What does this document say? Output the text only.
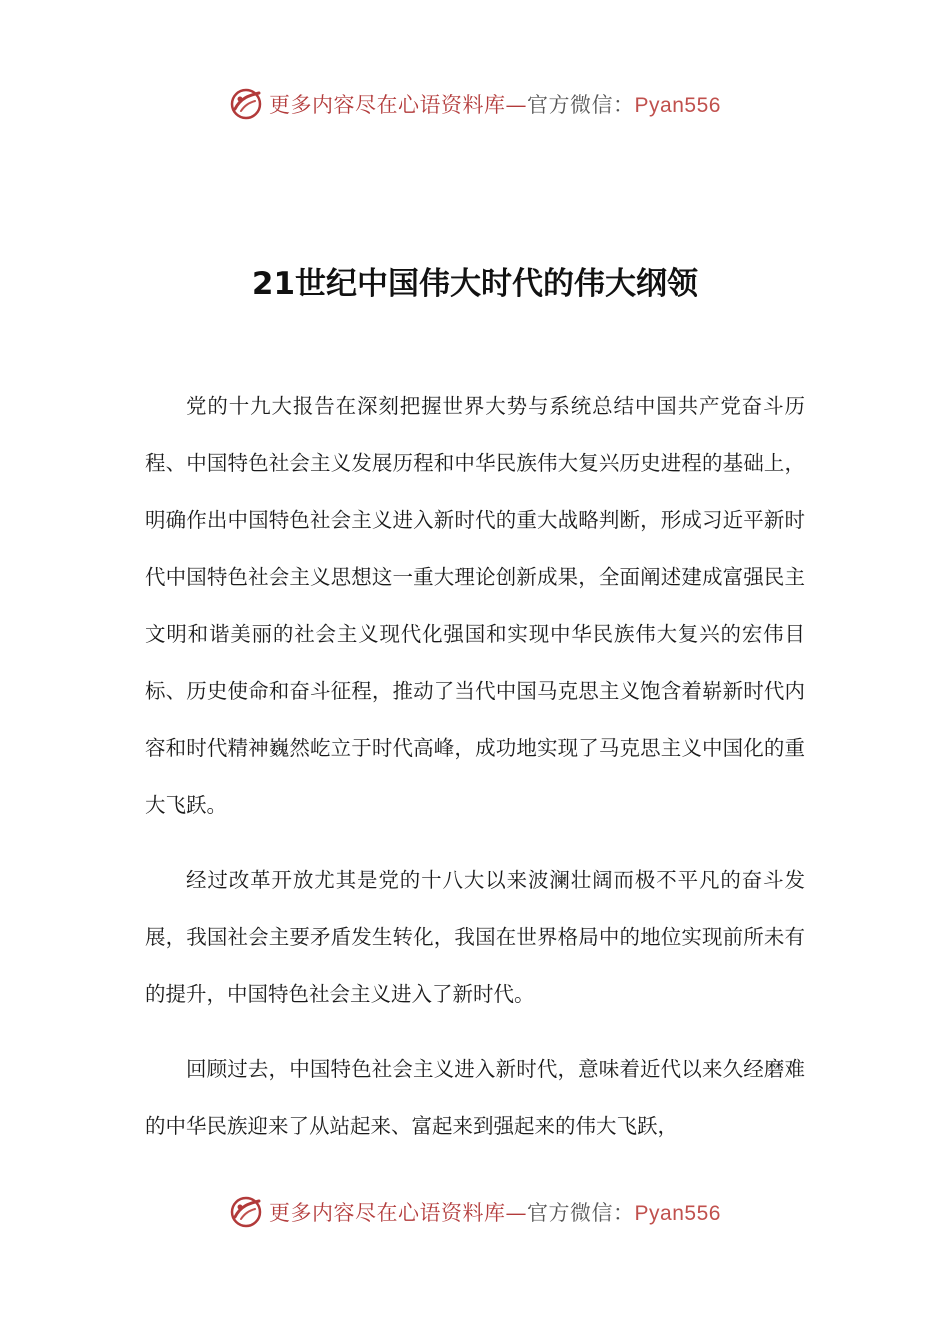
更多内容尽在心语资料库—官方微信：Pyan556
21世纪中国伟大时代的伟大纲领

党的十九大报告在深刻把握世界大势与系统总结中国共产党奋斗历程、中国特色社会主义发展历程和中华民族伟大复兴历史进程的基础上，明确作出中国特色社会主义进入新时代的重大战略判断，形成习近平新时代中国特色社会主义思想这一重大理论创新成果，全面阐述建成富强民主文明和谐美丽的社会主义现代化强国和实现中华民族伟大复兴的宏伟目标、历史使命和奋斗征程，推动了当代中国马克思主义饱含着崭新时代内容和时代精神巍然屹立于时代高峰，成功地实现了马克思主义中国化的重大飞跃。

经过改革开放尤其是党的十八大以来波澜壮阔而极不平凡的奋斗发展，我国社会主要矛盾发生转化，我国在世界格局中的地位实现前所未有的提升，中国特色社会主义进入了新时代。

回顾过去，中国特色社会主义进入新时代，意味着近代以来久经磨难的中华民族迎来了从站起来、富起来到强起来的伟大飞跃，

更多内容尽在心语资料库—官方微信：Pyan556
